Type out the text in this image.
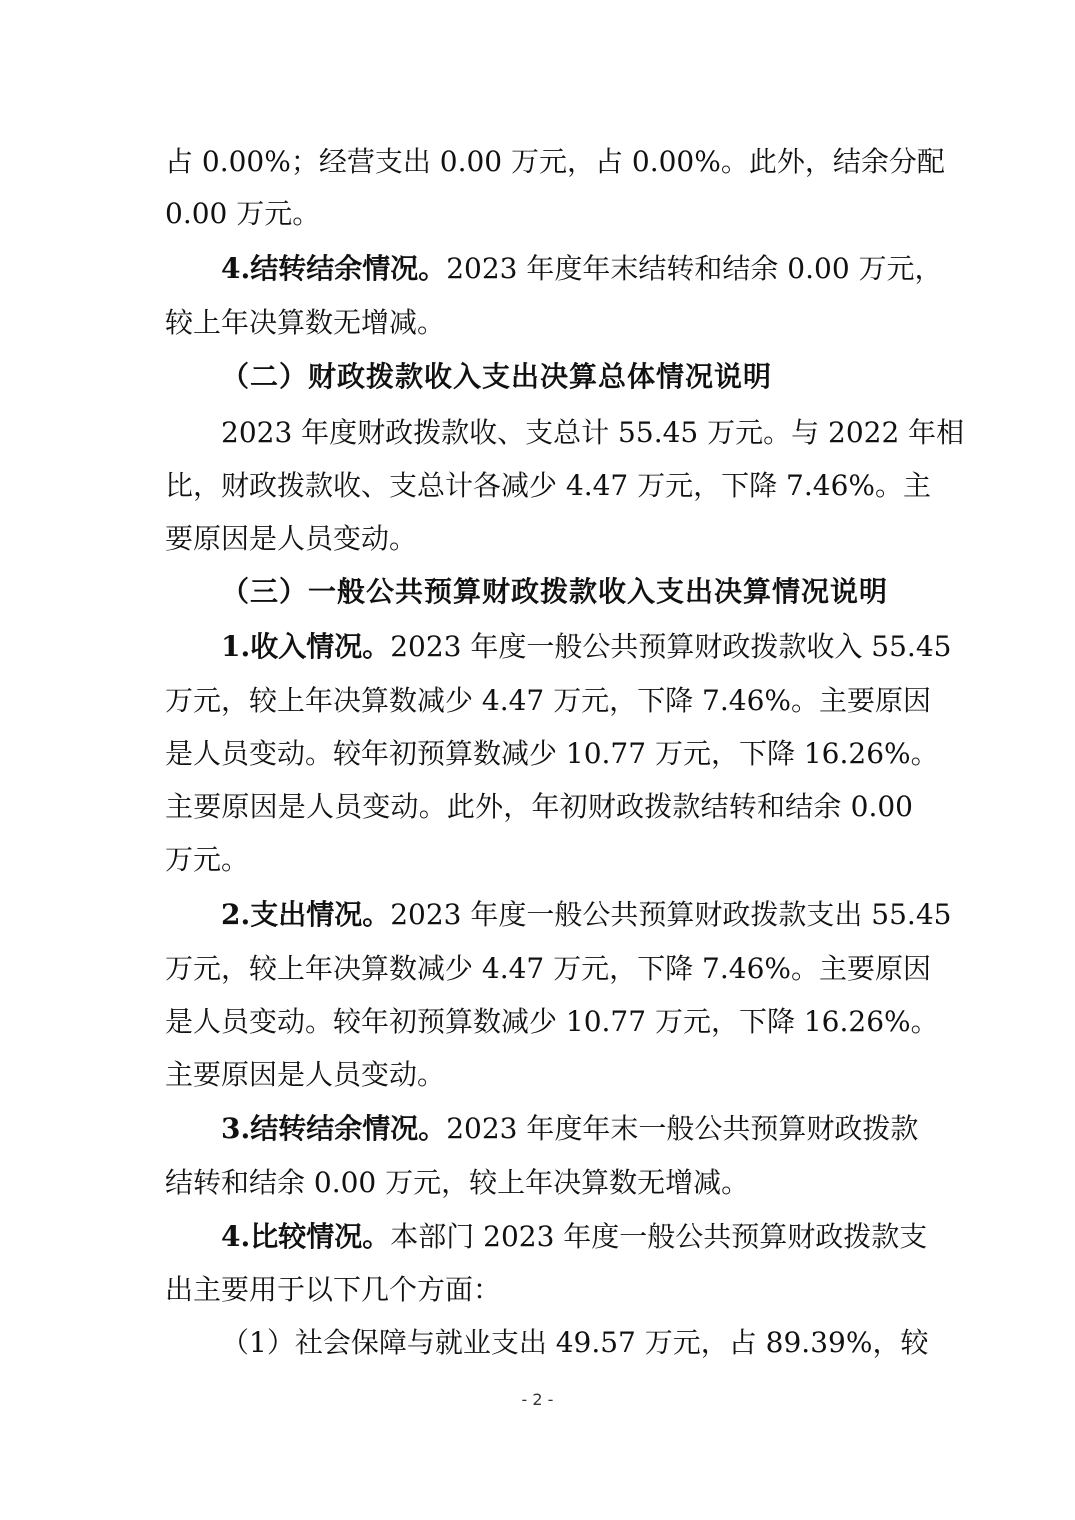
占 0.00%；经营支出 0.00 万元，占 0.00%。此外，结余分配
0.00 万元。
4.结转结余情况。2023 年度年末结转和结余 0.00 万元，
较上年决算数无增减。
（二）财政拨款收入支出决算总体情况说明
2023 年度财政拨款收、支总计 55.45 万元。与 2022 年相
比，财政拨款收、支总计各减少 4.47 万元，下降 7.46%。主
要原因是人员变动。
（三）一般公共预算财政拨款收入支出决算情况说明
1.收入情况。2023 年度一般公共预算财政拨款收入 55.45
万元，较上年决算数减少 4.47 万元，下降 7.46%。主要原因
是人员变动。较年初预算数减少 10.77 万元，下降 16.26%。
主要原因是人员变动。此外，年初财政拨款结转和结余 0.00
万元。
2.支出情况。2023 年度一般公共预算财政拨款支出 55.45
万元，较上年决算数减少 4.47 万元，下降 7.46%。主要原因
是人员变动。较年初预算数减少 10.77 万元，下降 16.26%。
主要原因是人员变动。
3.结转结余情况。2023 年度年末一般公共预算财政拨款
结转和结余 0.00 万元，较上年决算数无增减。
4.比较情况。本部门 2023 年度一般公共预算财政拨款支
出主要用于以下几个方面：
（1）社会保障与就业支出 49.57 万元，占 89.39%，较
- 2 -
